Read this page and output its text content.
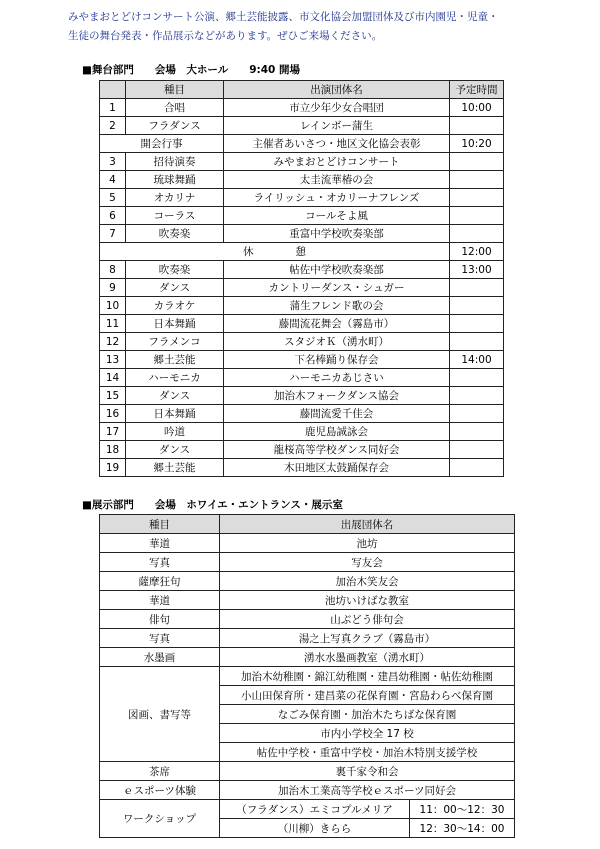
みやまおとどけコンサート公演、郷土芸能披露、市文化協会加盟団体及び市内園児・児童・
生徒の舞台発表・作品展示などがあります。ぜひご来場ください。
■舞台部門　　会場　大ホール　　9:40 開場
	種目	出演団体名	予定時間
1	合唱	市立少年少女合唱団	10:00
2	フラダンス	レインボー蒲生	
開会行事		主催者あいさつ・地区文化協会表彰	10:20
3	招待演奏	みやまおとどけコンサート	
4	琉球舞踊	太圭流華椿の会	
5	オカリナ	ライリッシュ・オカリーナフレンズ	
6	コーラス	コールそよ風	
7	吹奏楽	重富中学校吹奏楽部	
休　　　　憩			12:00
8	吹奏楽	帖佐中学校吹奏楽部	13:00
9	ダンス	カントリーダンス・シュガー	
10	カラオケ	蒲生フレンド歌の会	
11	日本舞踊	藤間流花舞会（霧島市）	
12	フラメンコ	スタジオＫ（湧水町）	
13	郷土芸能	下名棒踊り保存会	14:00
14	ハーモニカ	ハーモニカあじさい	
15	ダンス	加治木フォークダンス協会	
16	日本舞踊	藤間流愛千佳会	
17	吟道	鹿児島誠詠会	
18	ダンス	龍桜高等学校ダンス同好会	
19	郷土芸能	木田地区太鼓踊保存会	
■展示部門　　会場　ホワイエ・エントランス・展示室
種目	出展団体名	
華道	池坊	
写真	写友会	
薩摩狂句	加治木笑友会	
華道	池坊いけばな教室	
俳句	山ぶどう俳句会	
写真	湯之上写真クラブ（霧島市）	
水墨画	湧水水墨画教室（湧水町）	
図画、書写等	加治木幼稚園・錦江幼稚園・建昌幼稚園・帖佐幼稚園	
	小山田保育所・建昌菜の花保育園・宮島わらべ保育園	
	なごみ保育園・加治木たちばな保育園	
	市内小学校全 17 校	
	帖佐中学校・重富中学校・加治木特別支援学校	
茶席	裏千家令和会	
ｅスポーツ体験	加治木工業高等学校ｅスポーツ同好会	
ワークショップ	（フラダンス）エミコプルメリア	11：00～12：30
	（川柳）きらら	12：30～14：00
